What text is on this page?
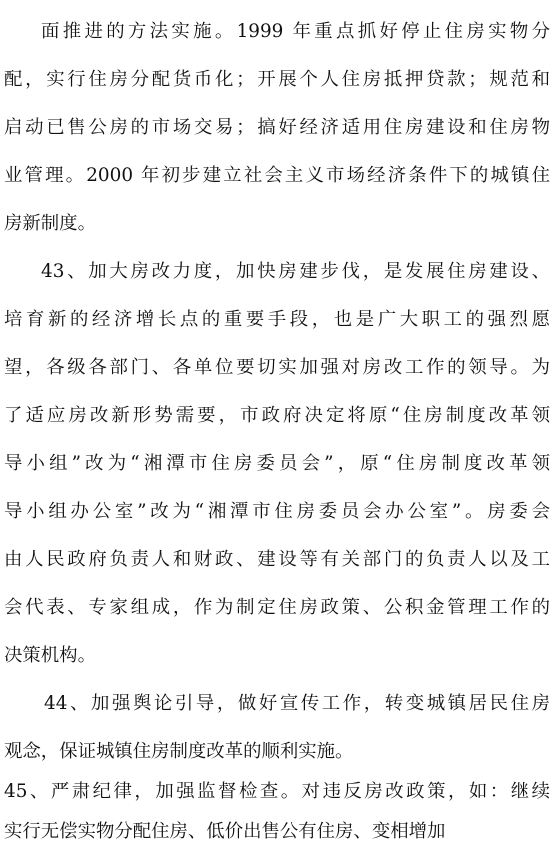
面推进的方法实施。1999 年重点抓好停止住房实物分
配，实行住房分配货币化；开展个人住房抵押贷款；规范和
启动已售公房的市场交易；搞好经济适用住房建设和住房物
业管理。2000 年初步建立社会主义市场经济条件下的城镇住
房新制度。
43、加大房改力度，加快房建步伐，是发展住房建设、
培育新的经济增长点的重要手段，也是广大职工的强烈愿
望，各级各部门、各单位要切实加强对房改工作的领导。为
了适应房改新形势需要，市政府决定将原“住房制度改革领
导小组”改为“湘潭市住房委员会”，原“住房制度改革领
导小组办公室”改为“湘潭市住房委员会办公室”。房委会
由人民政府负责人和财政、建设等有关部门的负责人以及工
会代表、专家组成，作为制定住房政策、公积金管理工作的
决策机构。
44、加强舆论引导，做好宣传工作，转变城镇居民住房
观念，保证城镇住房制度改革的顺利实施。
45、严肃纪律，加强监督检查。对违反房改政策，如：继续
实行无偿实物分配住房、低价出售公有住房、变相增加
